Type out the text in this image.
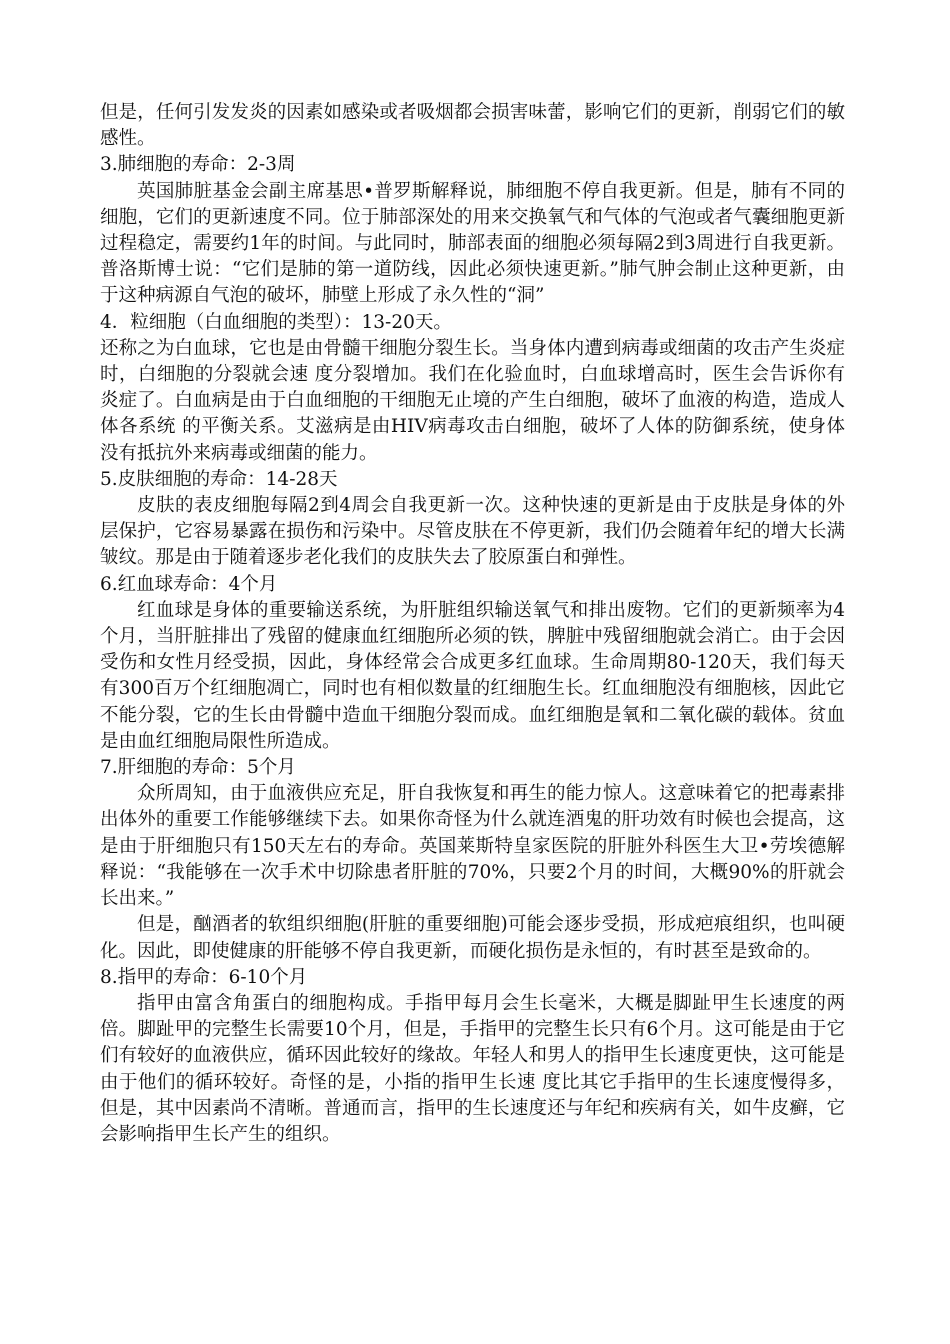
但是，任何引发发炎的因素如感染或者吸烟都会损害味蕾，影响它们的更新，削弱它们的敏感性。

3.肺细胞的寿命：2-3周

英国肺脏基金会副主席基思•普罗斯解释说，肺细胞不停自我更新。但是，肺有不同的细胞，它们的更新速度不同。位于肺部深处的用来交换氧气和气体的气泡或者气囊细胞更新过程稳定，需要约1年的时间。与此同时，肺部表面的细胞必须每隔2到3周进行自我更新。普洛斯博士说：“它们是肺的第一道防线，因此必须快速更新。”肺气肿会制止这种更新，由于这种病源自气泡的破坏，肺壁上形成了永久性的“洞”

4．粒细胞（白血细胞的类型）：13-20天。

还称之为白血球，它也是由骨髓干细胞分裂生长。当身体内遭到病毒或细菌的攻击产生炎症时，白细胞的分裂就会速 度分裂增加。我们在化验血时，白血球增高时，医生会告诉你有炎症了。白血病是由于白血细胞的干细胞无止境的产生白细胞，破坏了血液的构造，造成人体各系统 的平衡关系。艾滋病是由HIV病毒攻击白细胞，破坏了人体的防御系统，使身体没有抵抗外来病毒或细菌的能力。

5.皮肤细胞的寿命：14-28天

皮肤的表皮细胞每隔2到4周会自我更新一次。这种快速的更新是由于皮肤是身体的外层保护，它容易暴露在损伤和污染中。尽管皮肤在不停更新，我们仍会随着年纪的增大长满皱纹。那是由于随着逐步老化我们的皮肤失去了胶原蛋白和弹性。

6.红血球寿命：4个月

红血球是身体的重要输送系统，为肝脏组织输送氧气和排出废物。它们的更新频率为4个月，当肝脏排出了残留的健康血红细胞所必须的铁，脾脏中残留细胞就会消亡。由于会因受伤和女性月经受损，因此，身体经常会合成更多红血球。生命周期80-120天，我们每天有300百万个红细胞凋亡，同时也有相似数量的红细胞生长。红血细胞没有细胞核，因此它不能分裂，它的生长由骨髓中造血干细胞分裂而成。血红细胞是氧和二氧化碳的载体。贫血是由血红细胞局限性所造成。

7.肝细胞的寿命：5个月

众所周知，由于血液供应充足，肝自我恢复和再生的能力惊人。这意味着它的把毒素排出体外的重要工作能够继续下去。如果你奇怪为什么就连酒鬼的肝功效有时候也会提高，这是由于肝细胞只有150天左右的寿命。英国莱斯特皇家医院的肝脏外科医生大卫•劳埃德解释说：“我能够在一次手术中切除患者肝脏的70%，只要2个月的时间，大概90%的肝就会长出来。”

但是，酗酒者的软组织细胞(肝脏的重要细胞)可能会逐步受损，形成疤痕组织，也叫硬化。因此，即使健康的肝能够不停自我更新，而硬化损伤是永恒的，有时甚至是致命的。

8.指甲的寿命：6-10个月

指甲由富含角蛋白的细胞构成。手指甲每月会生长毫米，大概是脚趾甲生长速度的两倍。脚趾甲的完整生长需要10个月，但是，手指甲的完整生长只有6个月。这可能是由于它们有较好的血液供应，循环因此较好的缘故。年轻人和男人的指甲生长速度更快，这可能是由于他们的循环较好。奇怪的是，小指的指甲生长速 度比其它手指甲的生长速度慢得多，但是，其中因素尚不清晰。普通而言，指甲的生长速度还与年纪和疾病有关，如牛皮癣，它会影响指甲生长产生的组织。
